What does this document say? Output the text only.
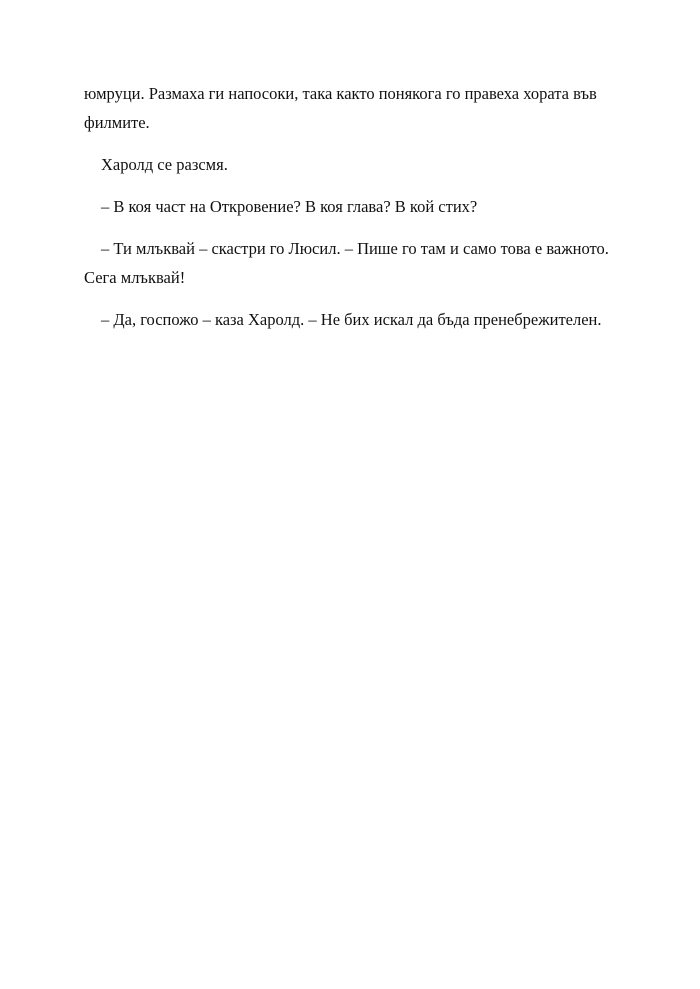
юмруци. Размаха ги напосоки, така както понякога го правеха хората във филмите.

Харолд се разсмя.

– В коя част на Откровение? В коя глава? В кой стих?

– Ти млъквай – скастри го Люсил. – Пише го там и само това е важното. Сега млъквай!

– Да, госпожо – каза Харолд. – Не бих искал да бъда пренебрежителен.
